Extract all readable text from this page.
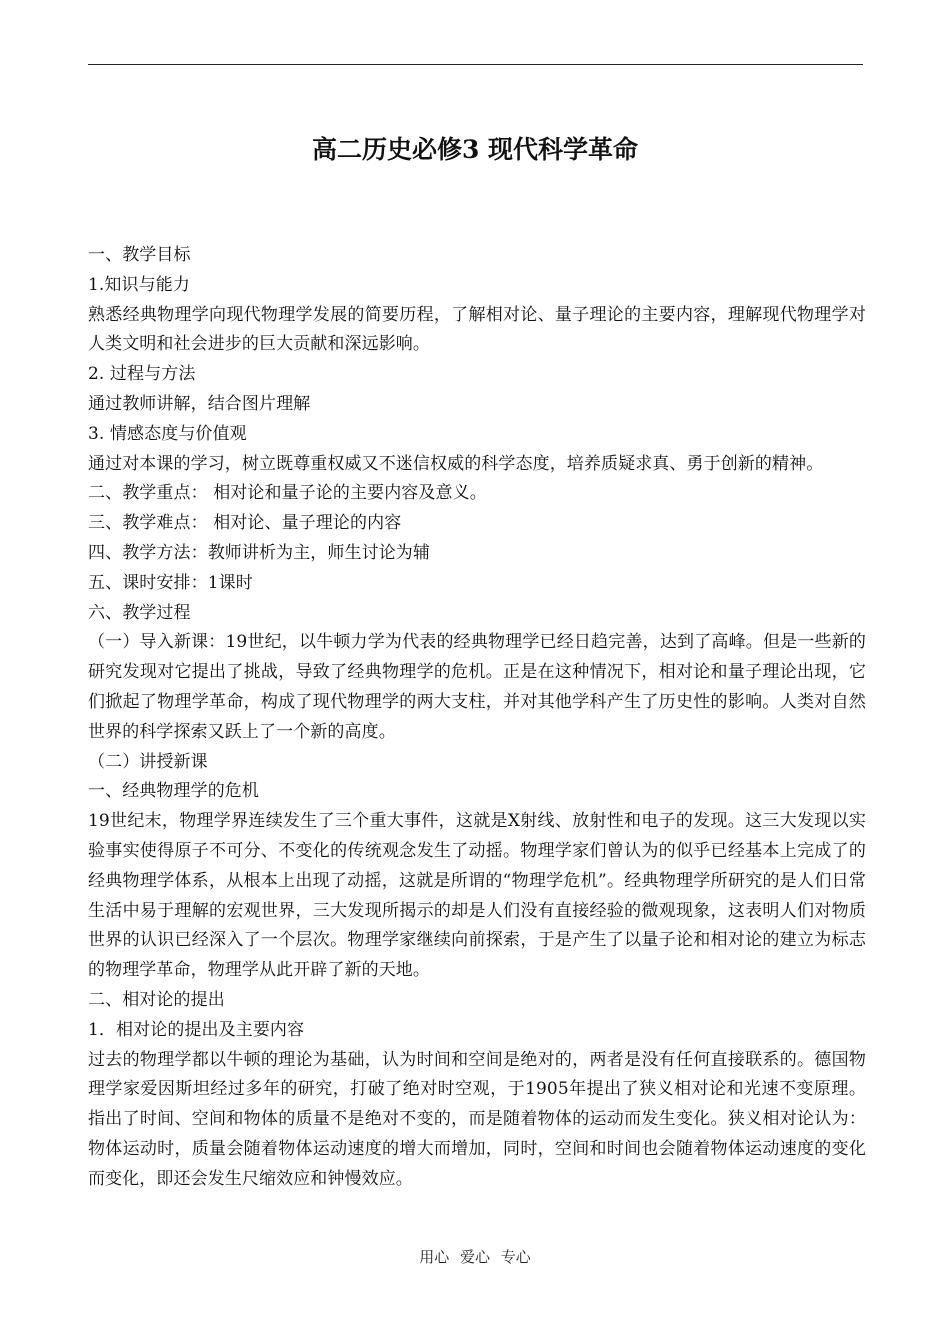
高二历史必修3 现代科学革命

一、教学目标

1.知识与能力

熟悉经典物理学向现代物理学发展的简要历程，了解相对论、量子理论的主要内容，理解现代物理学对人类文明和社会进步的巨大贡献和深远影响。

2. 过程与方法

通过教师讲解，结合图片理解

3. 情感态度与价值观

通过对本课的学习，树立既尊重权威又不迷信权威的科学态度，培养质疑求真、勇于创新的精神。

二、教学重点： 相对论和量子论的主要内容及意义。

三、教学难点： 相对论、量子理论的内容

四、教学方法：教师讲析为主，师生讨论为辅

五、课时安排：1课时

六、教学过程

（一）导入新课：19世纪，以牛顿力学为代表的经典物理学已经日趋完善，达到了高峰。但是一些新的研究发现对它提出了挑战，导致了经典物理学的危机。正是在这种情况下，相对论和量子理论出现，它们掀起了物理学革命，构成了现代物理学的两大支柱，并对其他学科产生了历史性的影响。人类对自然世界的科学探索又跃上了一个新的高度。

（二）讲授新课

一、经典物理学的危机

19世纪末，物理学界连续发生了三个重大事件，这就是X射线、放射性和电子的发现。这三大发现以实验事实使得原子不可分、不变化的传统观念发生了动摇。物理学家们曾认为的似乎已经基本上完成了的经典物理学体系，从根本上出现了动摇，这就是所谓的“物理学危机”。经典物理学所研究的是人们日常生活中易于理解的宏观世界，三大发现所揭示的却是人们没有直接经验的微观现象，这表明人们对物质世界的认识已经深入了一个层次。物理学家继续向前探索，于是产生了以量子论和相对论的建立为标志的物理学革命，物理学从此开辟了新的天地。

二、相对论的提出

1．相对论的提出及主要内容

过去的物理学都以牛顿的理论为基础，认为时间和空间是绝对的，两者是没有任何直接联系的。德国物理学家爱因斯坦经过多年的研究，打破了绝对时空观，于1905年提出了狭义相对论和光速不变原理。指出了时间、空间和物体的质量不是绝对不变的，而是随着物体的运动而发生变化。狭义相对论认为：物体运动时，质量会随着物体运动速度的增大而增加，同时，空间和时间也会随着物体运动速度的变化而变化，即还会发生尺缩效应和钟慢效应。

用心 爱心 专心
